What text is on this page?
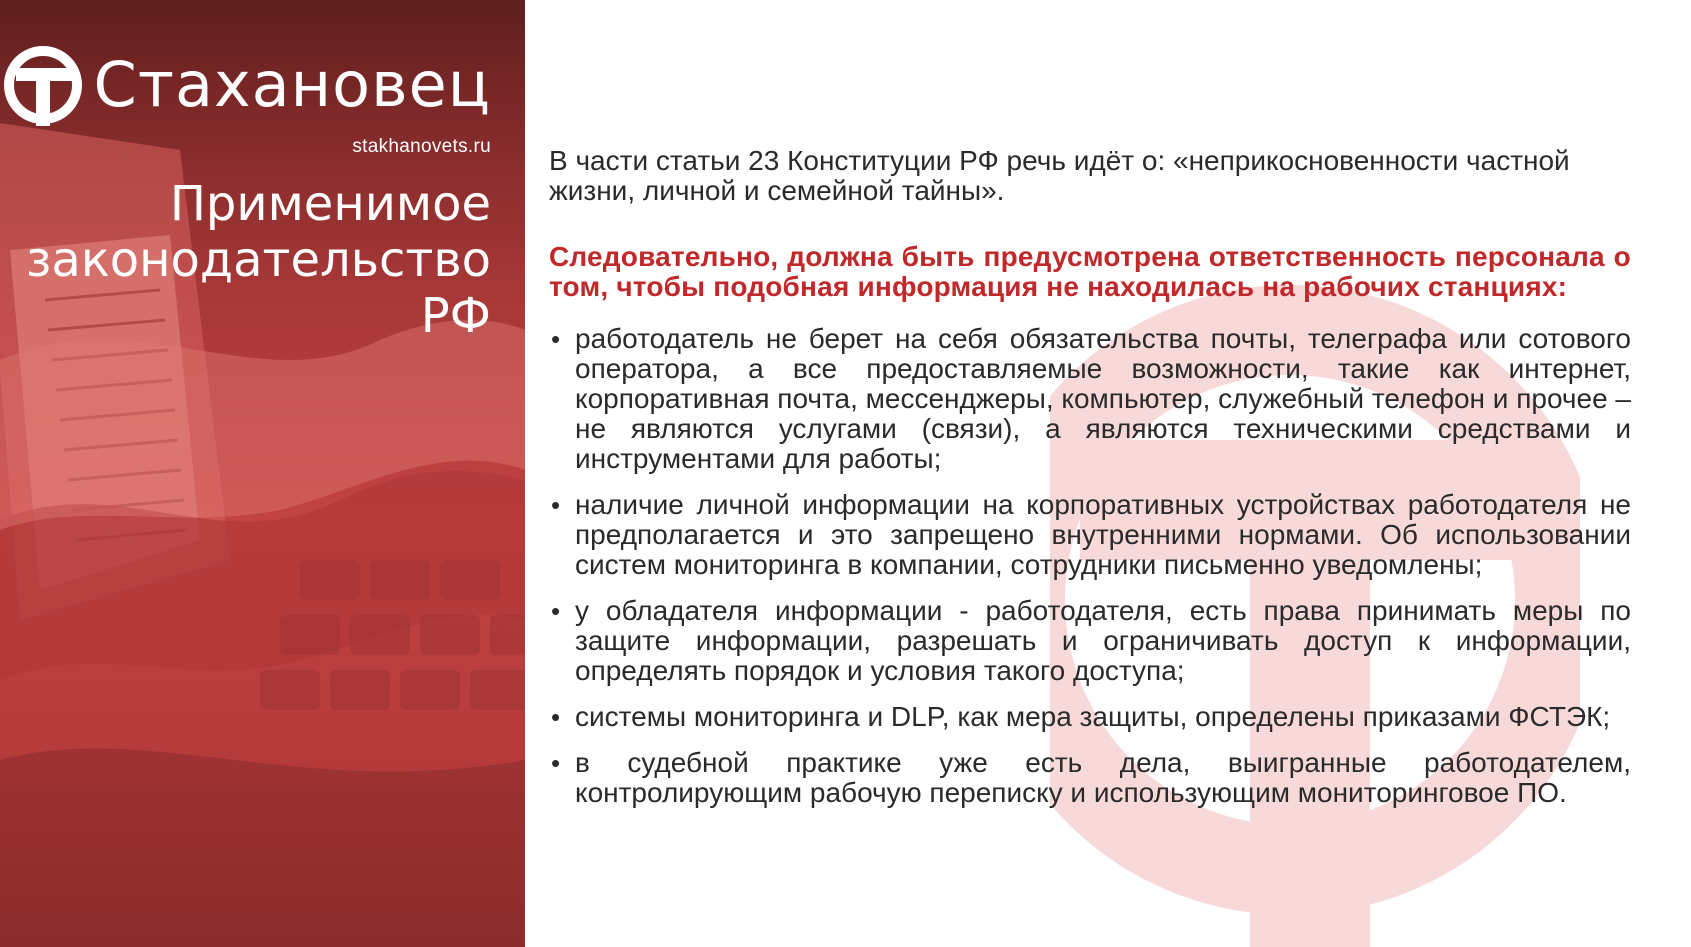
Стахановец
stakhanovets.ru
Применимое
законодательство
РФ

В части статьи 23 Конституции РФ речь идёт о: «неприкосновенности частной жизни, личной и семейной тайны».

Следовательно, должна быть предусмотрена ответственность персонала о том, чтобы подобная информация не находилась на рабочих станциях:

• работодатель не берет на себя обязательства почты, телеграфа или сотового оператора, а все предоставляемые возможности, такие как интернет, корпоративная почта, мессенджеры, компьютер, служебный телефон и прочее – не являются услугами (связи), а являются техническими средствами и инструментами для работы;
• наличие личной информации на корпоративных устройствах работодателя не предполагается и это запрещено внутренними нормами. Об использовании систем мониторинга в компании, сотрудники письменно уведомлены;
• у обладателя информации - работодателя, есть права принимать меры по защите информации, разрешать и ограничивать доступ к информации, определять порядок и условия такого доступа;
• системы мониторинга и DLP, как мера защиты, определены приказами ФСТЭК;
• в судебной практике уже есть дела, выигранные работодателем, контролирующим рабочую переписку и использующим мониторинговое ПО.
